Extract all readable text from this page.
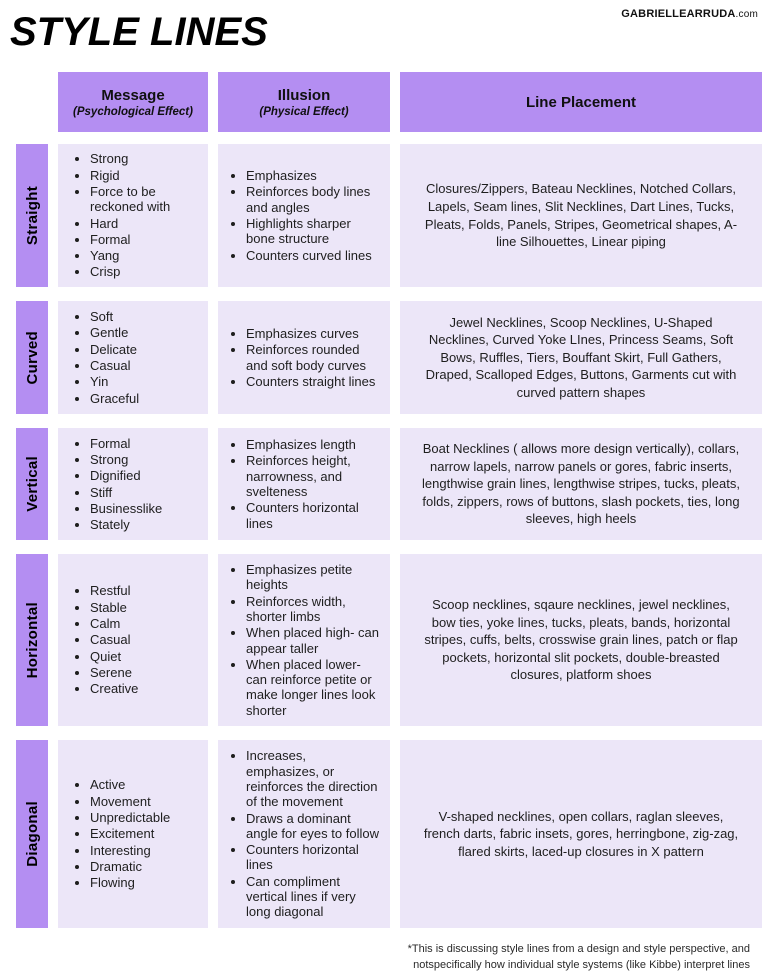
GABRIELLEARRUDA.com
STYLE LINES
Message
(Psychological Effect)
Illusion
(Physical Effect)
Line Placement
Straight
• Strong
• Rigid
• Force to be reckoned with
• Hard
• Formal
• Yang
• Crisp
• Emphasizes
• Reinforces body lines and angles
• Highlights sharper bone structure
• Counters curved lines
Closures/Zippers, Bateau Necklines, Notched Collars, Lapels, Seam lines, Slit Necklines, Dart Lines, Tucks, Pleats, Folds, Panels, Stripes, Geometrical shapes, A-line Silhouettes, Linear piping
Curved
• Soft
• Gentle
• Delicate
• Casual
• Yin
• Graceful
• Emphasizes curves
• Reinforces rounded and soft body curves
• Counters straight lines
Jewel Necklines, Scoop Necklines, U-Shaped Necklines, Curved Yoke LInes, Princess Seams, Soft Bows, Ruffles, Tiers, Bouffant Skirt, Full Gathers, Draped, Scalloped Edges, Buttons, Garments cut with curved pattern shapes
Vertical
• Formal
• Strong
• Dignified
• Stiff
• Businesslike
• Stately
• Emphasizes length
• Reinforces height, narrowness, and svelteness
• Counters horizontal lines
Boat Necklines ( allows more design vertically), collars, narrow lapels, narrow panels or gores, fabric inserts, lengthwise grain lines, lengthwise stripes, tucks, pleats, folds, zippers, rows of buttons, slash pockets, ties, long sleeves, high heels
Horizontal
• Restful
• Stable
• Calm
• Casual
• Quiet
• Serene
• Creative
• Emphasizes petite heights
• Reinforces width, shorter limbs
• When placed high- can appear taller
• When placed lower- can reinforce petite or make longer lines look shorter
Scoop necklines, sqaure necklines, jewel necklines, bow ties, yoke lines, tucks, pleats, bands, horizontal stripes, cuffs, belts, crosswise grain lines, patch or flap pockets, horizontal slit pockets, double-breasted closures, platform shoes
Diagonal
• Active
• Movement
• Unpredictable
• Excitement
• Interesting
• Dramatic
• Flowing
• Increases, emphasizes, or reinforces the direction of the movement
• Draws a dominant angle for eyes to follow
• Counters horizontal lines
• Can compliment vertical lines if very long diagonal
V-shaped necklines, open collars, raglan sleeves, french darts, fabric insets, gores, herringbone, zig-zag, flared skirts, laced-up closures in X pattern
*This is discussing style lines from a design and style perspective, and
notspecifically how individual style systems (like Kibbe) interpret lines
